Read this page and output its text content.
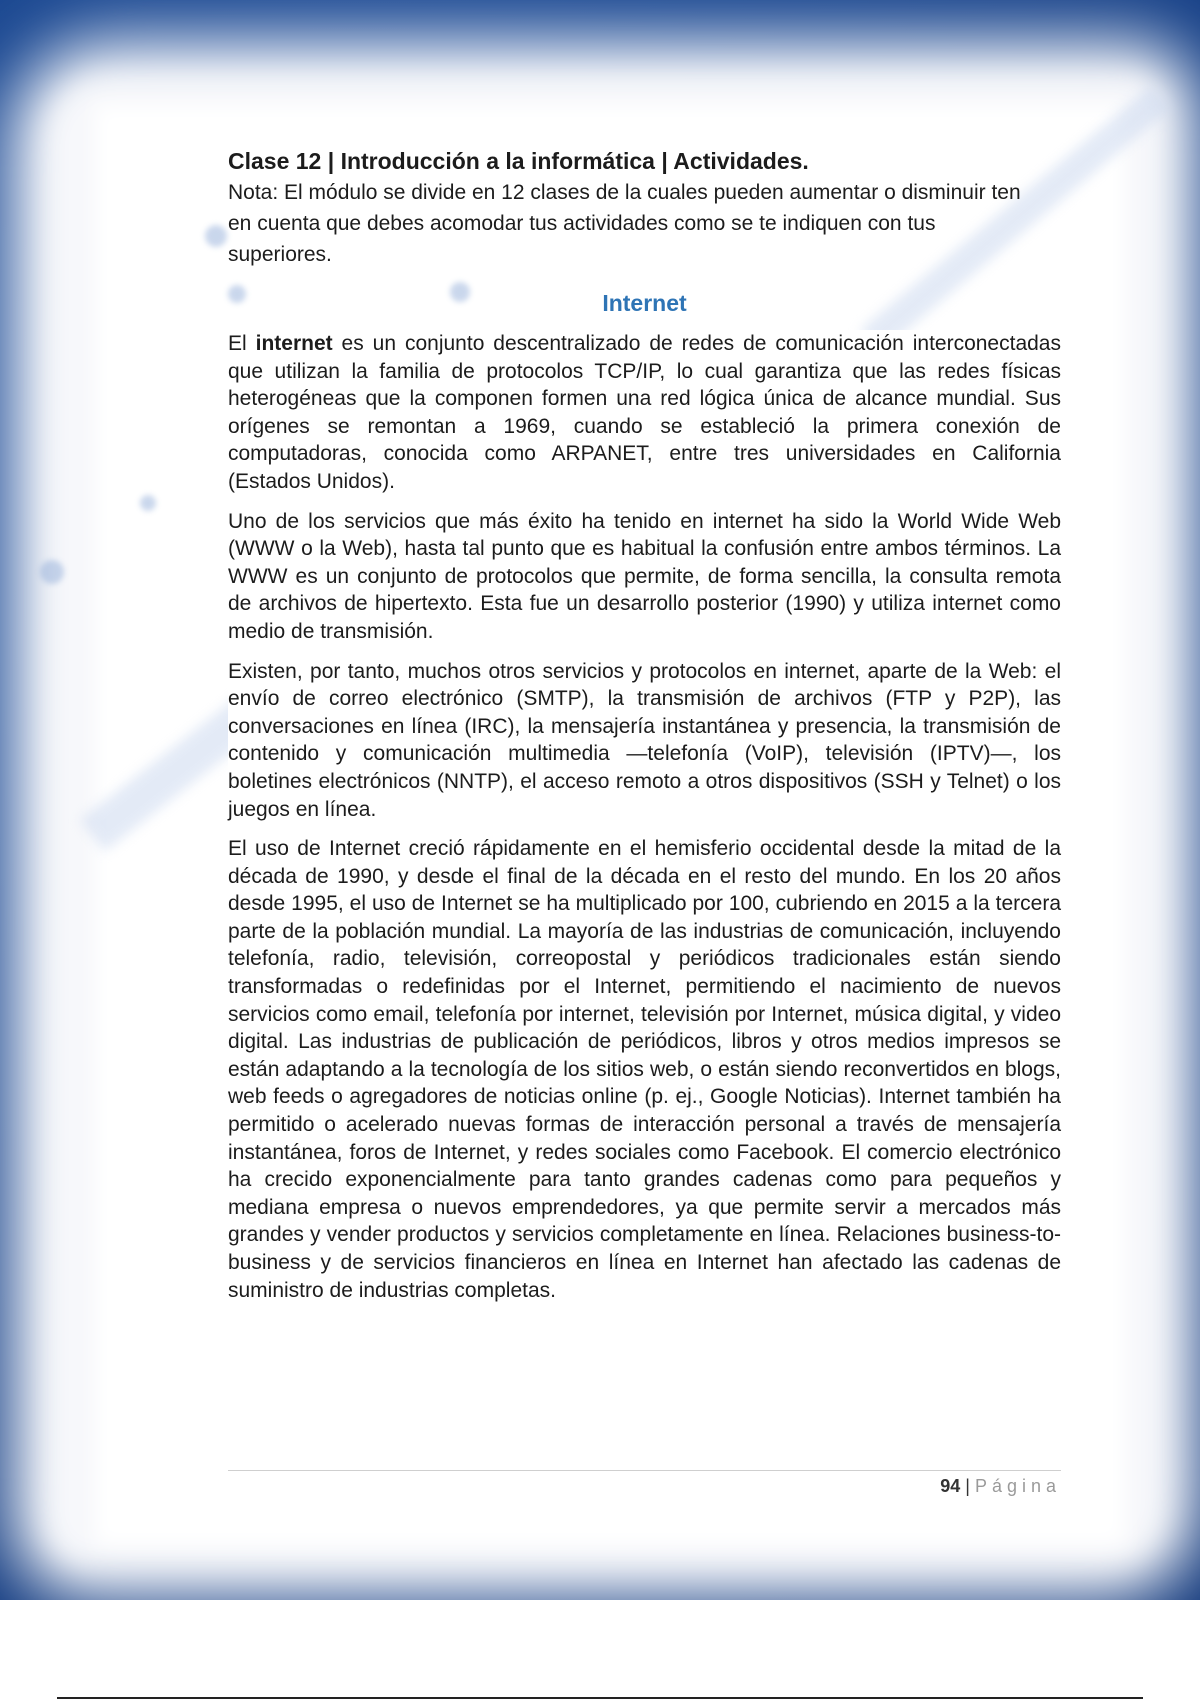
Clase 12 | Introducción a la informática | Actividades.

Nota: El módulo se divide en 12 clases de la cuales pueden aumentar o disminuir ten en cuenta que debes acomodar tus actividades como se te indiquen con tus superiores.

Internet

El internet es un conjunto descentralizado de redes de comunicación interconectadas que utilizan la familia de protocolos TCP/IP, lo cual garantiza que las redes físicas heterogéneas que la componen formen una red lógica única de alcance mundial. Sus orígenes se remontan a 1969, cuando se estableció la primera conexión de computadoras, conocida como ARPANET, entre tres universidades en California (Estados Unidos).

Uno de los servicios que más éxito ha tenido en internet ha sido la World Wide Web (WWW o la Web), hasta tal punto que es habitual la confusión entre ambos términos. La WWW es un conjunto de protocolos que permite, de forma sencilla, la consulta remota de archivos de hipertexto. Esta fue un desarrollo posterior (1990) y utiliza internet como medio de transmisión.

Existen, por tanto, muchos otros servicios y protocolos en internet, aparte de la Web: el envío de correo electrónico (SMTP), la transmisión de archivos (FTP y P2P), las conversaciones en línea (IRC), la mensajería instantánea y presencia, la transmisión de contenido y comunicación multimedia —telefonía (VoIP), televisión (IPTV)—, los boletines electrónicos (NNTP), el acceso remoto a otros dispositivos (SSH y Telnet) o los juegos en línea.

El uso de Internet creció rápidamente en el hemisferio occidental desde la mitad de la década de 1990, y desde el final de la década en el resto del mundo. En los 20 años desde 1995, el uso de Internet se ha multiplicado por 100, cubriendo en 2015 a la tercera parte de la población mundial. La mayoría de las industrias de comunicación, incluyendo telefonía, radio, televisión, correopostal y periódicos tradicionales están siendo transformadas o redefinidas por el Internet, permitiendo el nacimiento de nuevos servicios como email, telefonía por internet, televisión por Internet, música digital, y video digital. Las industrias de publicación de periódicos, libros y otros medios impresos se están adaptando a la tecnología de los sitios web, o están siendo reconvertidos en blogs, web feeds o agregadores de noticias online (p. ej., Google Noticias). Internet también ha permitido o acelerado nuevas formas de interacción personal a través de mensajería instantánea, foros de Internet, y redes sociales como Facebook. El comercio electrónico ha crecido exponencialmente para tanto grandes cadenas como para pequeños y mediana empresa o nuevos emprendedores, ya que permite servir a mercados más grandes y vender productos y servicios completamente en línea. Relaciones business-to-business y de servicios financieros en línea en Internet han afectado las cadenas de suministro de industrias completas.

94 | Página
